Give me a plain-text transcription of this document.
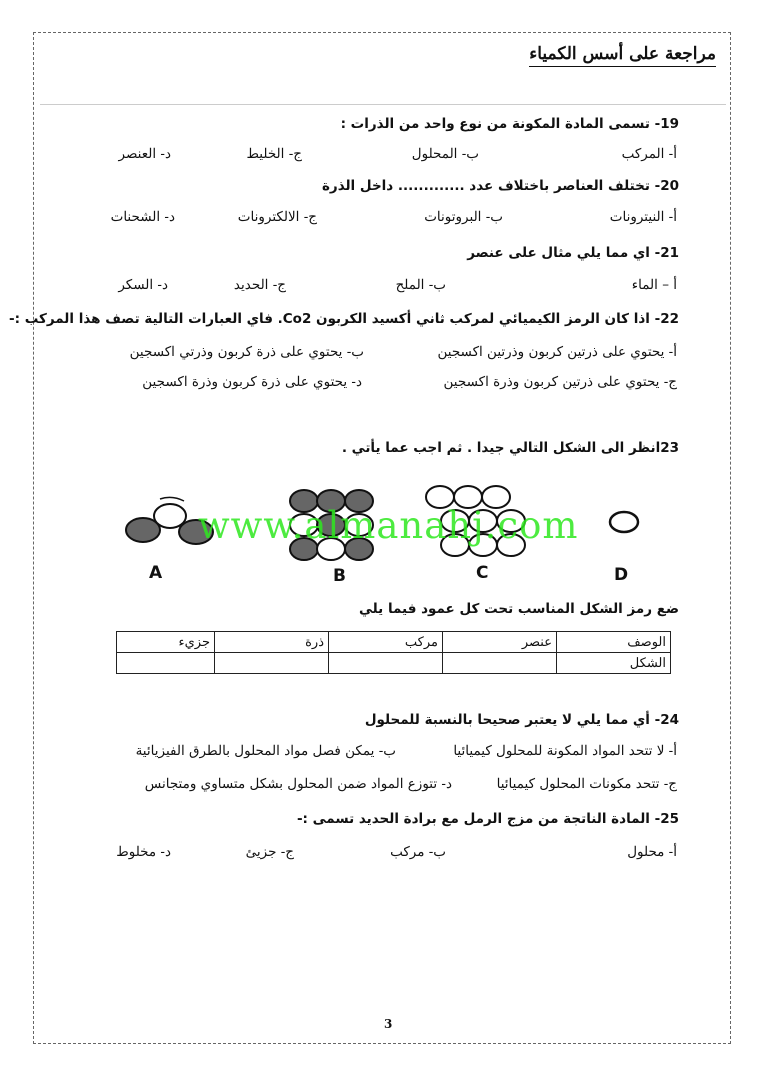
مراجعة على أسس الكمياء
19- تسمى المادة المكونة من نوع واحد من الذرات :
أ- المركب
ب- المحلول
ج- الخليط
د- العنصر
20- تختلف العناصر باختلاف عدد ............. داخل الذرة
أ- النيترونات
ب- البروتونات
ج- الالكترونات
د- الشحنات
21- اي مما يلي مثال على عنصر
أ – الماء
ب- الملح
ج- الحديد
د- السكر
22- اذا كان الرمز الكيميائي لمركب ثاني أكسيد الكربون Co2. فاي العبارات التالية تصف هذا المركب :-
أ- يحتوي على ذرتين كربون وذرتين اكسجين
ب- يحتوي على ذرة كربون وذرتي اكسجين
ج- يحتوي على ذرتين كربون وذرة اكسجين
د- يحتوي على ذرة كربون وذرة اكسجين
23انظر الى الشكل التالي جيدا . ثم اجب عما يأتي .
www.almanahj.com
A	B	C	D
ضع رمز الشكل المناسب تحت كل عمود فيما يلي
الوصف	عنصر	مركب	ذرة	جزيء
الشكل				
24- أي مما يلي لا يعتبر صحيحا بالنسبة للمحلول
أ- لا تتحد المواد المكونة للمحلول كيميائيا
ب- يمكن فصل مواد المحلول بالطرق الفيزيائية
ج- تتحد مكونات المحلول كيميائيا
د- تتوزع المواد ضمن المحلول بشكل متساوي ومتجانس
25- المادة الناتجة من مزج الرمل مع برادة الحديد تسمى :-
أ- محلول
ب- مركب
ج- جزيئ
د- مخلوط
3
